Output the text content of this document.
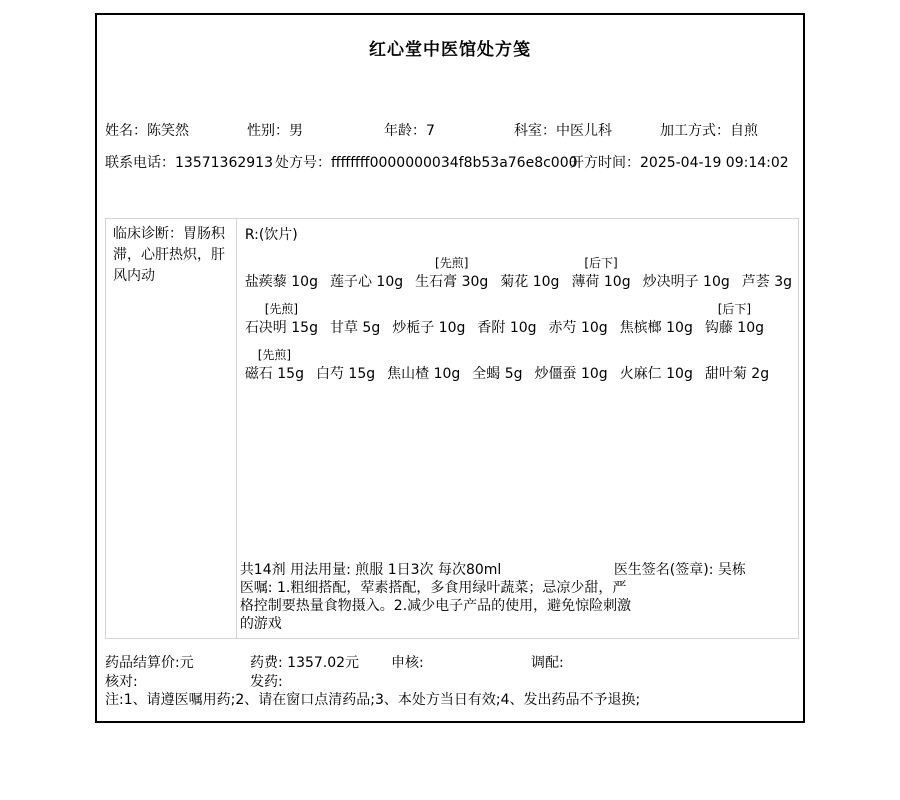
红心堂中医馆处方笺
姓名：陈笑然	性别：男	年龄：7	科室：中医儿科	加工方式：自煎
联系电话：13571362913 处方号：ffffffff0000000034f8b53a76e8c000
开方时间：2025-04-19 09:14:02
临床诊断：胃肠积滞，心肝热炽，肝风内动
R:(饮片)
盐蒺藜 10g 莲子心 10g
[先煎]
生石膏 30g 菊花 10g
[后下]
薄荷 10g 炒决明子 10g 芦荟 3g
[先煎]
石决明 15g 甘草 5g 炒栀子 10g 香附 10g 赤芍 10g 焦槟榔 10g
[后下]
钩藤 10g
[先煎]
磁石 15g 白芍 15g 焦山楂 10g 全蝎 5g 炒僵蚕 10g 火麻仁 10g 甜叶菊 2g
共14剂 用法用量: 煎服 1日3次 每次80ml	医生签名(签章): 吴栋
医嘱: 1.粗细搭配，荤素搭配，多食用绿叶蔬菜；忌凉少甜，严格控制要热量食物摄入。2.减少电子产品的使用，避免惊险刺激的游戏
药品结算价:元	药费: 1357.02元 申核:	调配:
核对:	发药:
注:1、请遵医嘱用药;2、请在窗口点清药品;3、本处方当日有效;4、发出药品不予退换;
